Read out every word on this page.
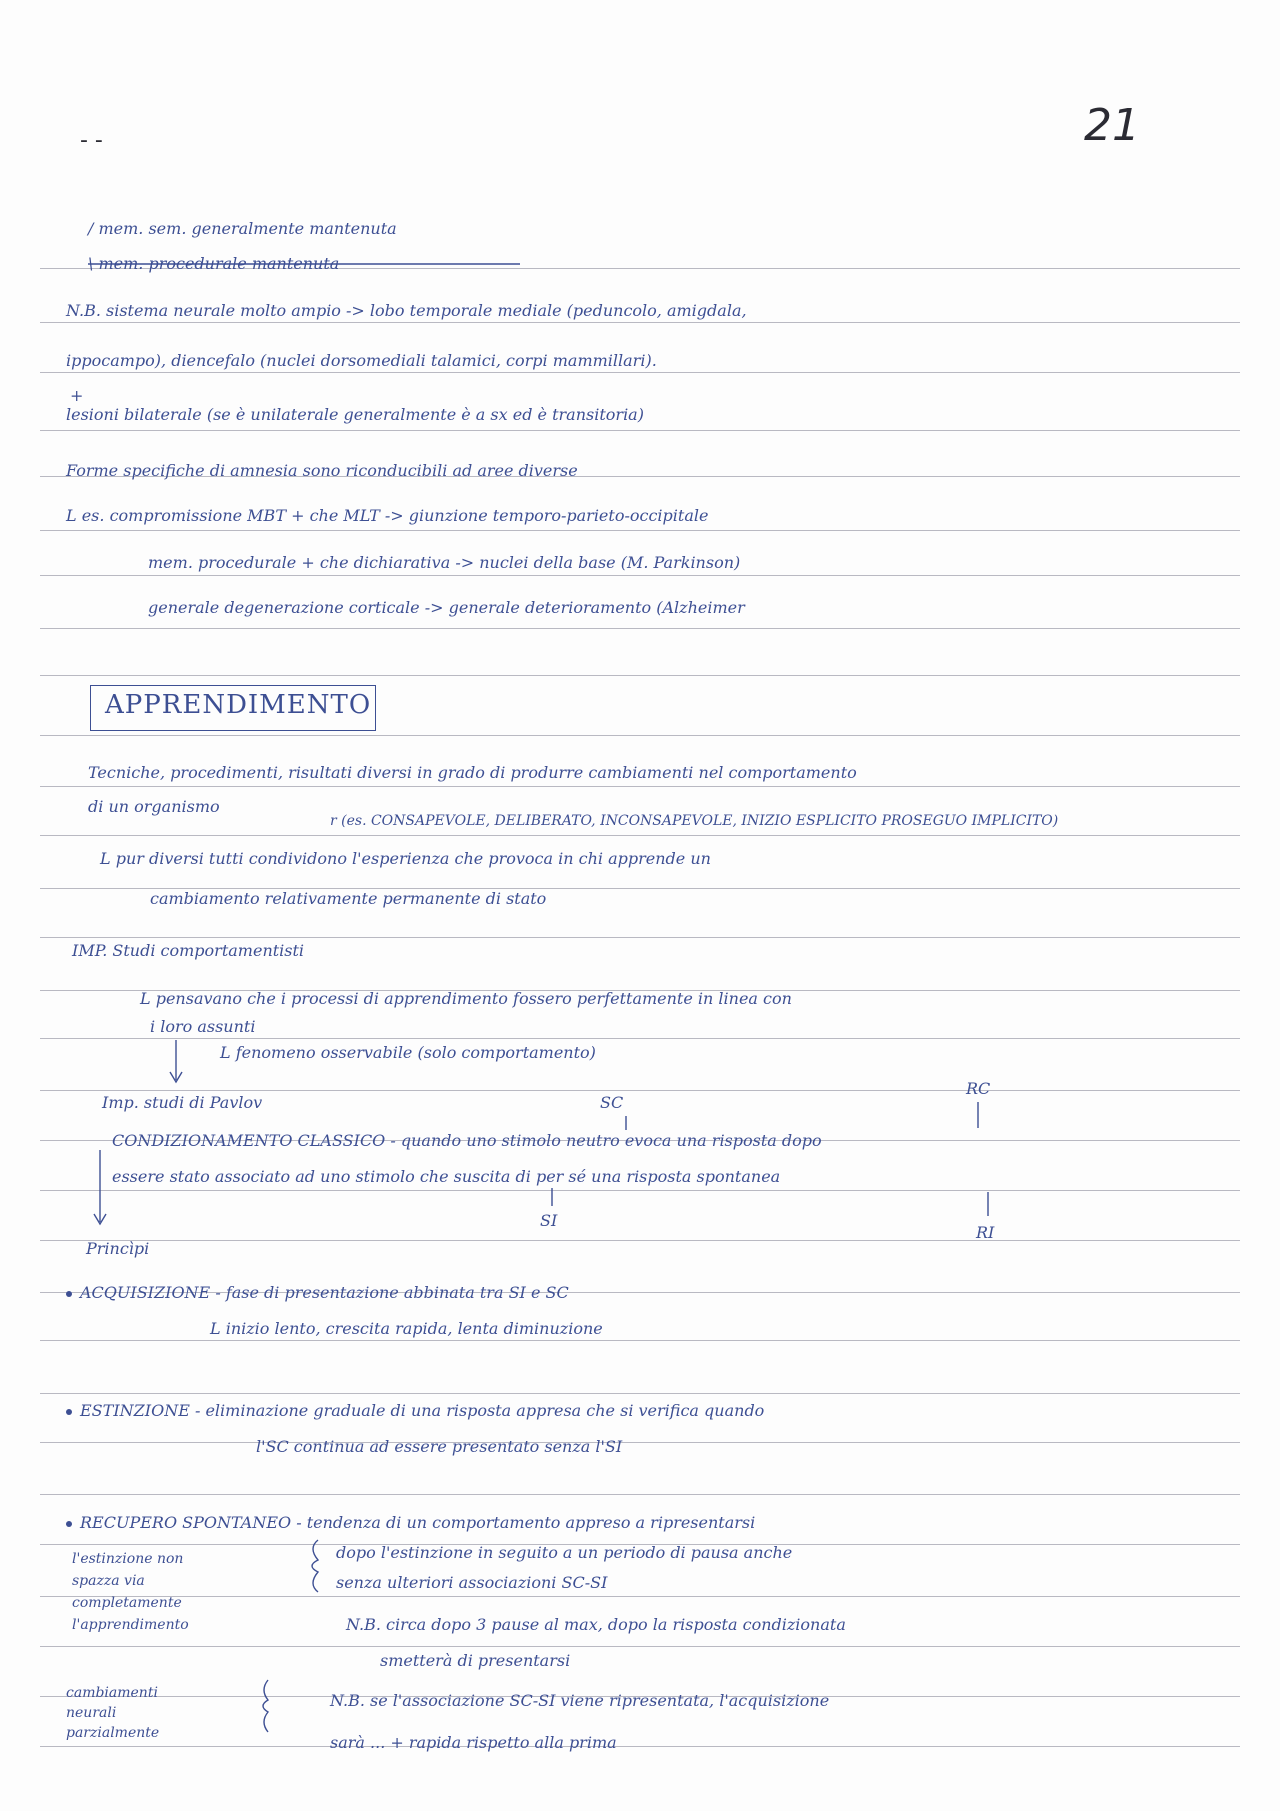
- -	21
/ mem. sem. generalmente mantenuta
\ mem. procedurale mantenuta
N.B. sistema neurale molto ampio -> lobo temporale mediale (peduncolo, amigdala,
ippocampo), diencefalo (nuclei dorsomediali talamici, corpi mammillari).
+
lesioni bilaterale (se è unilaterale generalmente è a sx ed è transitoria)
Forme specifiche di amnesia sono riconducibili ad aree diverse
L es. compromissione MBT + che MLT -> giunzione temporo-parieto-occipitale
mem. procedurale + che dichiarativa -> nuclei della base (M. Parkinson)
generale degenerazione corticale -> generale deterioramento (Alzheimer
APPRENDIMENTO
Tecniche, procedimenti, risultati diversi in grado di produrre cambiamenti nel comportamento
di un organismo
r (es. CONSAPEVOLE, DELIBERATO, INCONSAPEVOLE, INIZIO ESPLICITO PROSEGUO IMPLICITO)
L pur diversi tutti condividono l'esperienza che provoca in chi apprende un
cambiamento relativamente permanente di stato
IMP. Studi comportamentisti
L pensavano che i processi di apprendimento fossero perfettamente in linea con
i loro assunti
L fenomeno osservabile (solo comportamento)
Imp. studi di Pavlov	SC
RC
CONDIZIONAMENTO CLASSICO - quando uno stimolo neutro evoca una risposta dopo
essere stato associato ad uno stimolo che suscita di per sé una risposta spontanea
SI
RI
Princìpi
ACQUISIZIONE - fase di presentazione abbinata tra SI e SC
L inizio lento, crescita rapida, lenta diminuzione
ESTINZIONE - eliminazione graduale di una risposta appresa che si verifica quando
l'SC continua ad essere presentato senza l'SI
RECUPERO SPONTANEO - tendenza di un comportamento appreso a ripresentarsi
dopo l'estinzione in seguito a un periodo di pausa anche
senza ulteriori associazioni SC-SI
l'estinzione non
spazza via
completamente
l'apprendimento	N.B. circa dopo 3 pause al max, dopo la risposta condizionata
smetterà di presentarsi
cambiamenti
neurali
parzialmente
N.B. se l'associazione SC-SI viene ripresentata, l'acquisizione
sarà ... + rapida rispetto alla prima
